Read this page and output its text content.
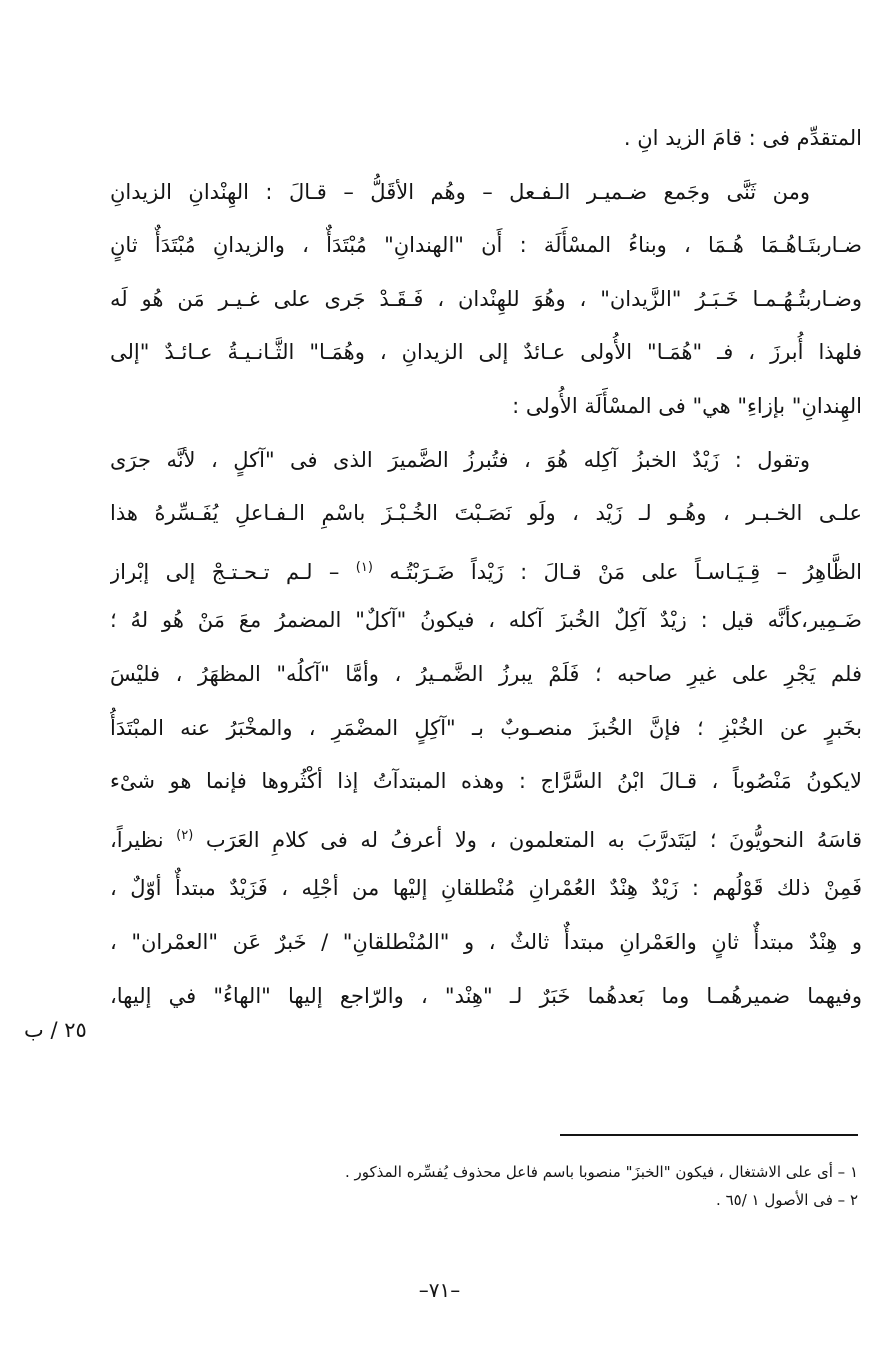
المتقدِّم فى : قامَ الزيد انِ .
ومن ثَنَّى وجَمع ضـميـر الـفـعل – وهُم الأقَلُّ – قـالَ : الهِنْدانِ الزيدانِ
ضـاربتَـاهُـمَا هُـمَا ، وبناءُ المسْأَلَة : أَن "الهندانِ" مُبْتَدَأٌ ، والزيدانِ مُبْتَدَأٌ ثانٍ
وضـاربتُـهُـمـا خَـبَـرُ "الزَّيدان" ، وهُوَ للهِنْدان ، فَـقَـدْ جَرى على غـيـر مَن هُو لَه
فلهذا أُبرزَ ، فـ "هُمَـا" الأُولى عـائدٌ إلى الزيدانِ ، وهُمَـا" الثَّـانـيـةُ عـائـدٌ "إلى
الهِندانِ" بإزاءِ" هي" فى المسْأَلَة الأُولى :
وتقول : زَيْدٌ الخبزُ آكِله هُوَ ، فتُبرزُ الضَّميرَ الذى فى "آكلٍ ، لأنَّه جرَى
علـى الخـبـر ، وهُـو لـ زَيْد ، ولَو نَصَـبْتَ الخُـبْـزَ باسْمِ الـفـاعلِ يُفَـسِّرهُ هذا
الظَّاهِرُ – قِـيَـاسـاً على مَنْ قـالَ : زَيْداً ضَـرَبْتُـه $^{(١)}$ – لـم تـحـتـجْ إلى إبْراز
ضَـمِير،كأنَّه قيل : زيْدٌ آكِلٌ الخُبزَ آكله ، فيكونُ "آكلٌ" المضمرُ معَ مَنْ هُو لهُ ؛
فلم يَجْرِ على غيرِ صاحبه ؛ فَلَمْ يبرزُ الضَّمـيرُ ، وأمَّا "آكلُه" المظهَرُ ، فليْسَ
بخَبرٍ عن الخُبْزِ ؛ فإنَّ الخُبزَ منصـوبٌ بـ "آكِلٍ المضْمَرِ ، والمخْبَرُ عنه المبْتَدَأُ
لايكونُ مَنْصُوباً ، قـالَ ابْنُ السَّرَّاج : وهذه المبتدآتُ إذا أكْثُروها فإنما هو شىْء
قاسَهُ النحويُّونَ ؛ ليَتَدرَّبَ به المتعلمون ، ولا أعرفُ له فى كلامِ العَرَب $^{(٢)}$ نظيراً،
فَمِنْ ذلك قَوْلُهم : زَيْدٌ هِنْدٌ العُمْرانِ مُنْطلقانِ إليْها من أجْلِه ، فَزَيْدٌ مبتدأٌ أوّلٌ ،
و هِنْدٌ مبتدأٌ ثانٍ والعَمْرانِ مبتدأٌ ثالثٌ ، و "المُنْطلقانِ" / خَبرٌ عَن "العمْران" ،
وفيهما ضميرهُمـا وما بَعدهُما خَبَرٌ لـ "هِنْد" ، والرّاجع إليها "الهاءُ" في إليها،
٢٥ / ب
١ – أى على الاشتغال ، فيكون "الخبزَ" منصوبا باسم فاعل محذوف يُفسِّره المذكور .
٢ – فى الأصول ١ /٦٥ .
–٧١–
